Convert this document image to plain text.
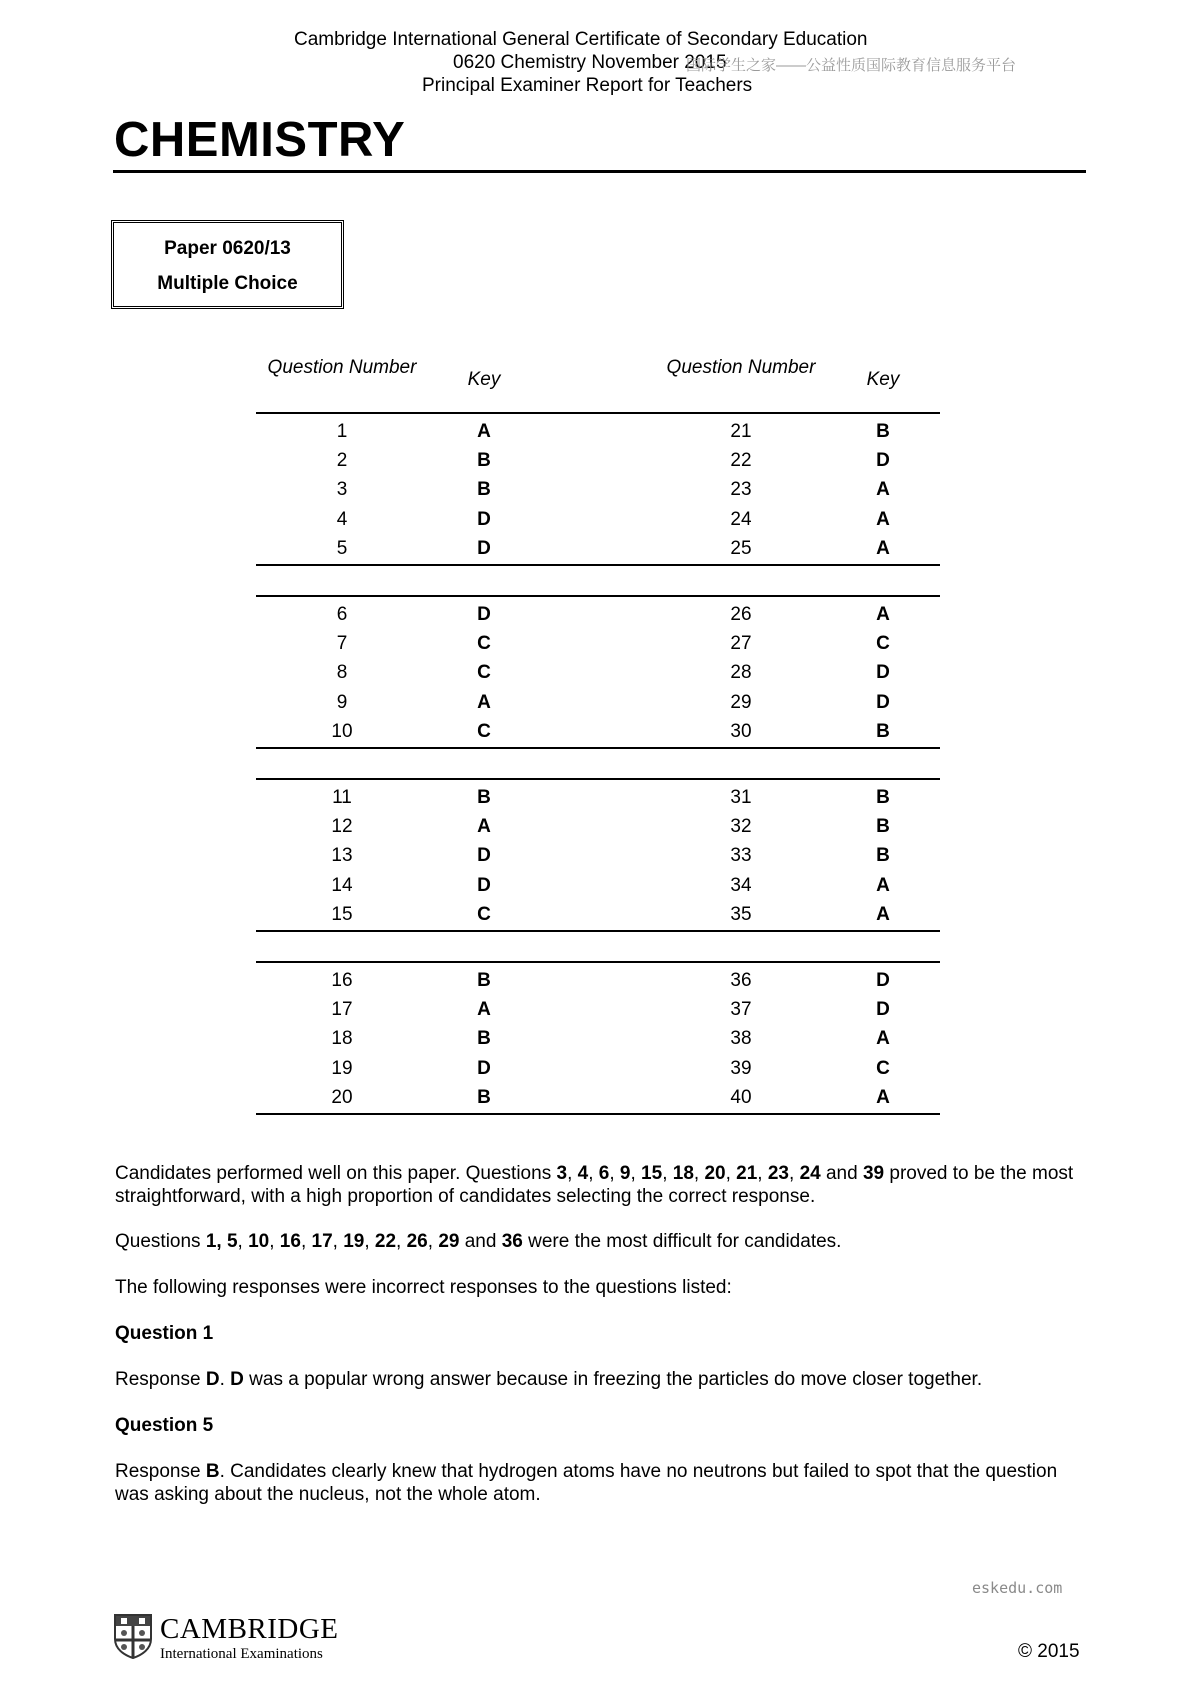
Cambridge International General Certificate of Secondary Education
0620 Chemistry November 2015
Principal Examiner Report for Teachers
国际学生之家——公益性质国际教育信息服务平台
CHEMISTRY
Paper 0620/13
Multiple Choice
Question Number
Key
Question Number
Key
1	A	21	B
2	B	22	D
3	B	23	A
4	D	24	A
5	D	25	A
6	D	26	A
7	C	27	C
8	C	28	D
9	A	29	D
10	C	30	B
11	B	31	B
12	A	32	B
13	D	33	B
14	D	34	A
15	C	35	A
16	B	36	D
17	A	37	D
18	B	38	A
19	D	39	C
20	B	40	A
Candidates performed well on this paper. Questions 3, 4, 6, 9, 15, 18, 20, 21, 23, 24 and 39 proved to be the most straightforward, with a high proportion of candidates selecting the correct response.
Questions 1, 5, 10, 16, 17, 19, 22, 26, 29 and 36 were the most difficult for candidates.
The following responses were incorrect responses to the questions listed:
Question 1
Response D. D was a popular wrong answer because in freezing the particles do move closer together.
Question 5
Response B. Candidates clearly knew that hydrogen atoms have no neutrons but failed to spot that the question was asking about the nucleus, not the whole atom.
eskedu.com
CAMBRIDGE
International Examinations	© 2015
